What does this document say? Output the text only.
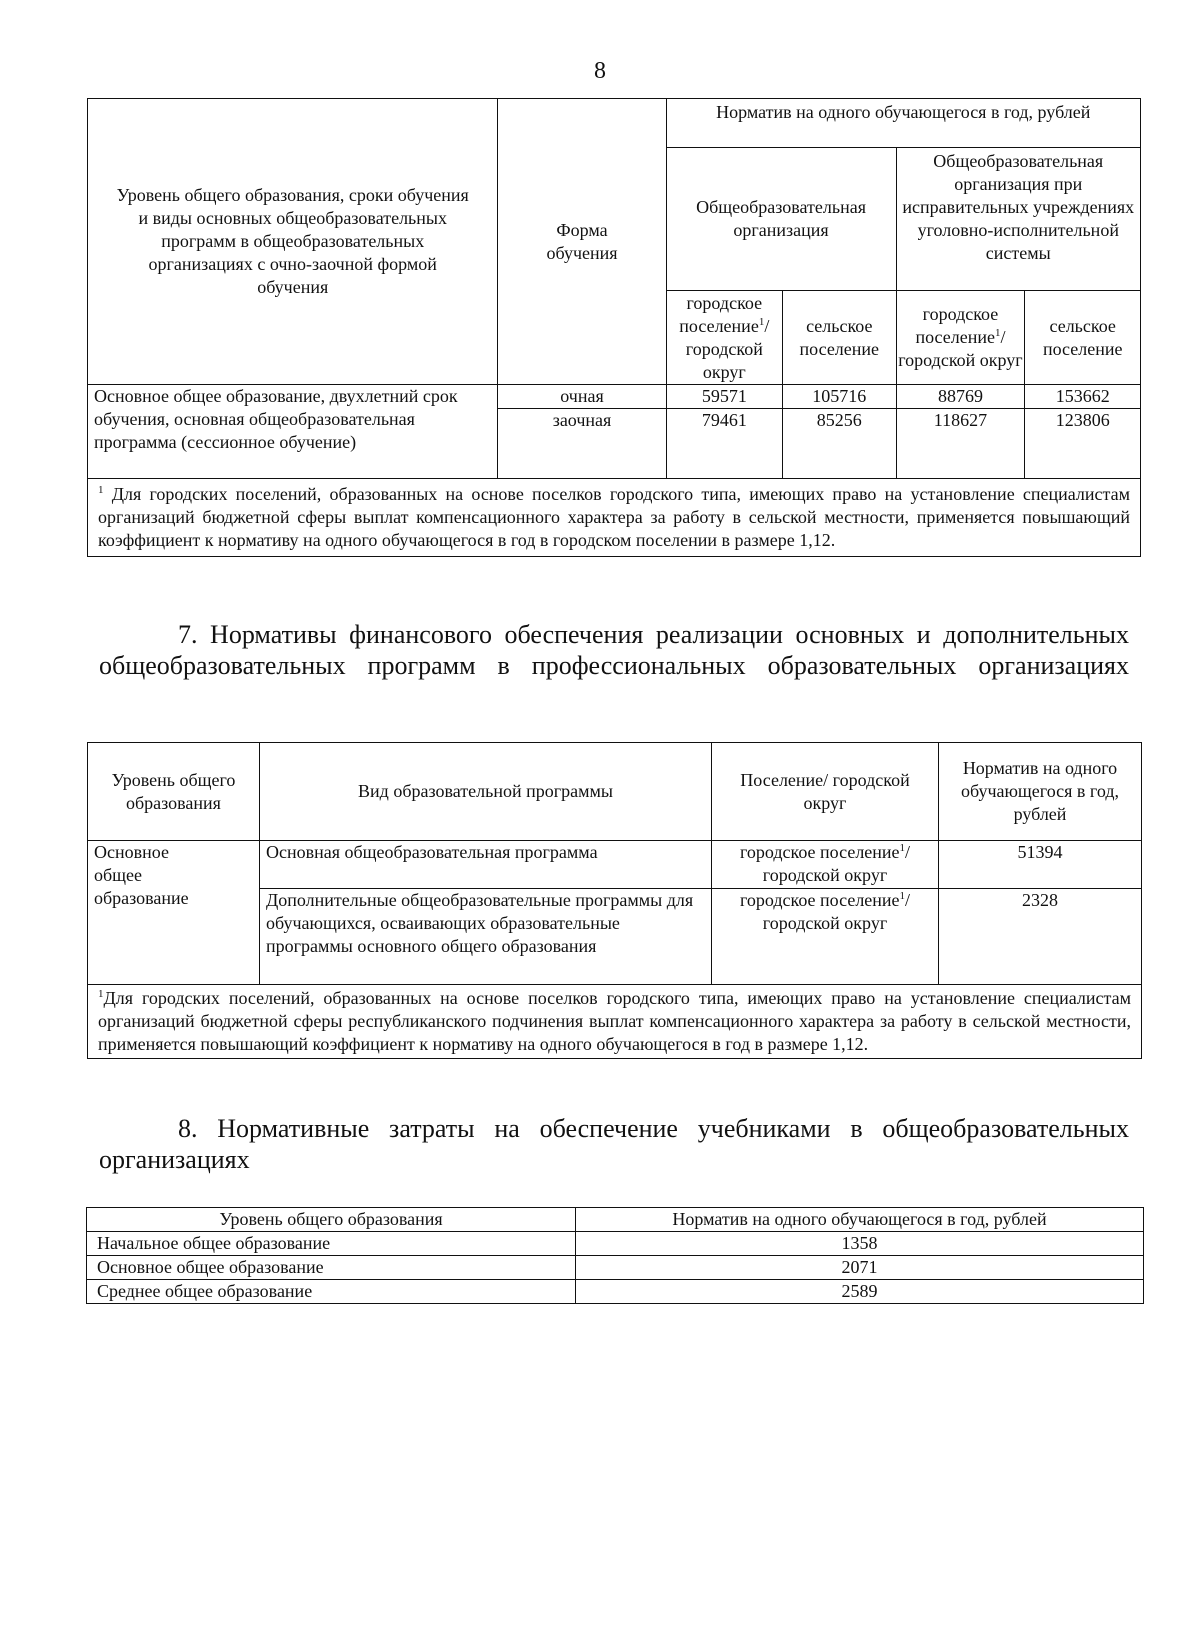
8
Уровень общего образования, сроки обучения и виды основных общеобразовательных программ в общеобразовательных организациях с очно-заочной формой обучения	Форма обучения	Норматив на одного обучающегося в год, рублей			

		Общеобразовательная организация		Общеобразовательная организация при исправительных учреждениях уголовно-исполнительной системы	

		городское поселение$^1$/ городской округ	сельское поселение	городское поселение$^1$/ городской округ	сельское поселение

Основное общее образование, двухлетний срок обучения, основная общеобразовательная программа (сессионное обучение)	очная	59571	105716	88769	153662
	заочная	79461	85256	118627	123806
$^1$ Для городских поселений, образованных на основе поселков городского типа, имеющих право на установление специалистам организаций бюджетной сферы выплат компенсационного характера за работу в сельской местности, применяется повышающий коэффициент к нормативу на одного обучающегося в год в городском поселении в размере 1,12.					
7. Нормативы финансового обеспечения реализации основных и дополнительных общеобразовательных программ в профессиональных образовательных организациях
Уровень общего образования	Вид образовательной программы	Поселение/ городской округ	Норматив на одного обучающегося в год, рублей

Основное общее образование	Основная общеобразовательная программа	городское поселение$^1$/ городской округ	51394

	Дополнительные общеобразовательные программы для обучающихся, осваивающих образовательные программы основного общего образования	городское поселение$^1$/ городской округ	2328
$^1$Для городских поселений, образованных на основе поселков городского типа, имеющих право на установление специалистам организаций бюджетной сферы республиканского подчинения выплат компенсационного характера за работу в сельской местности, применяется повышающий коэффициент к нормативу на одного обучающегося в год в размере 1,12.			
8. Нормативные затраты на обеспечение учебниками в общеобразовательных организациях
Уровень общего образования	Норматив на одного обучающегося в год, рублей
Начальное общее образование	1358
Основное общее образование	2071
Среднее общее образование	2589
